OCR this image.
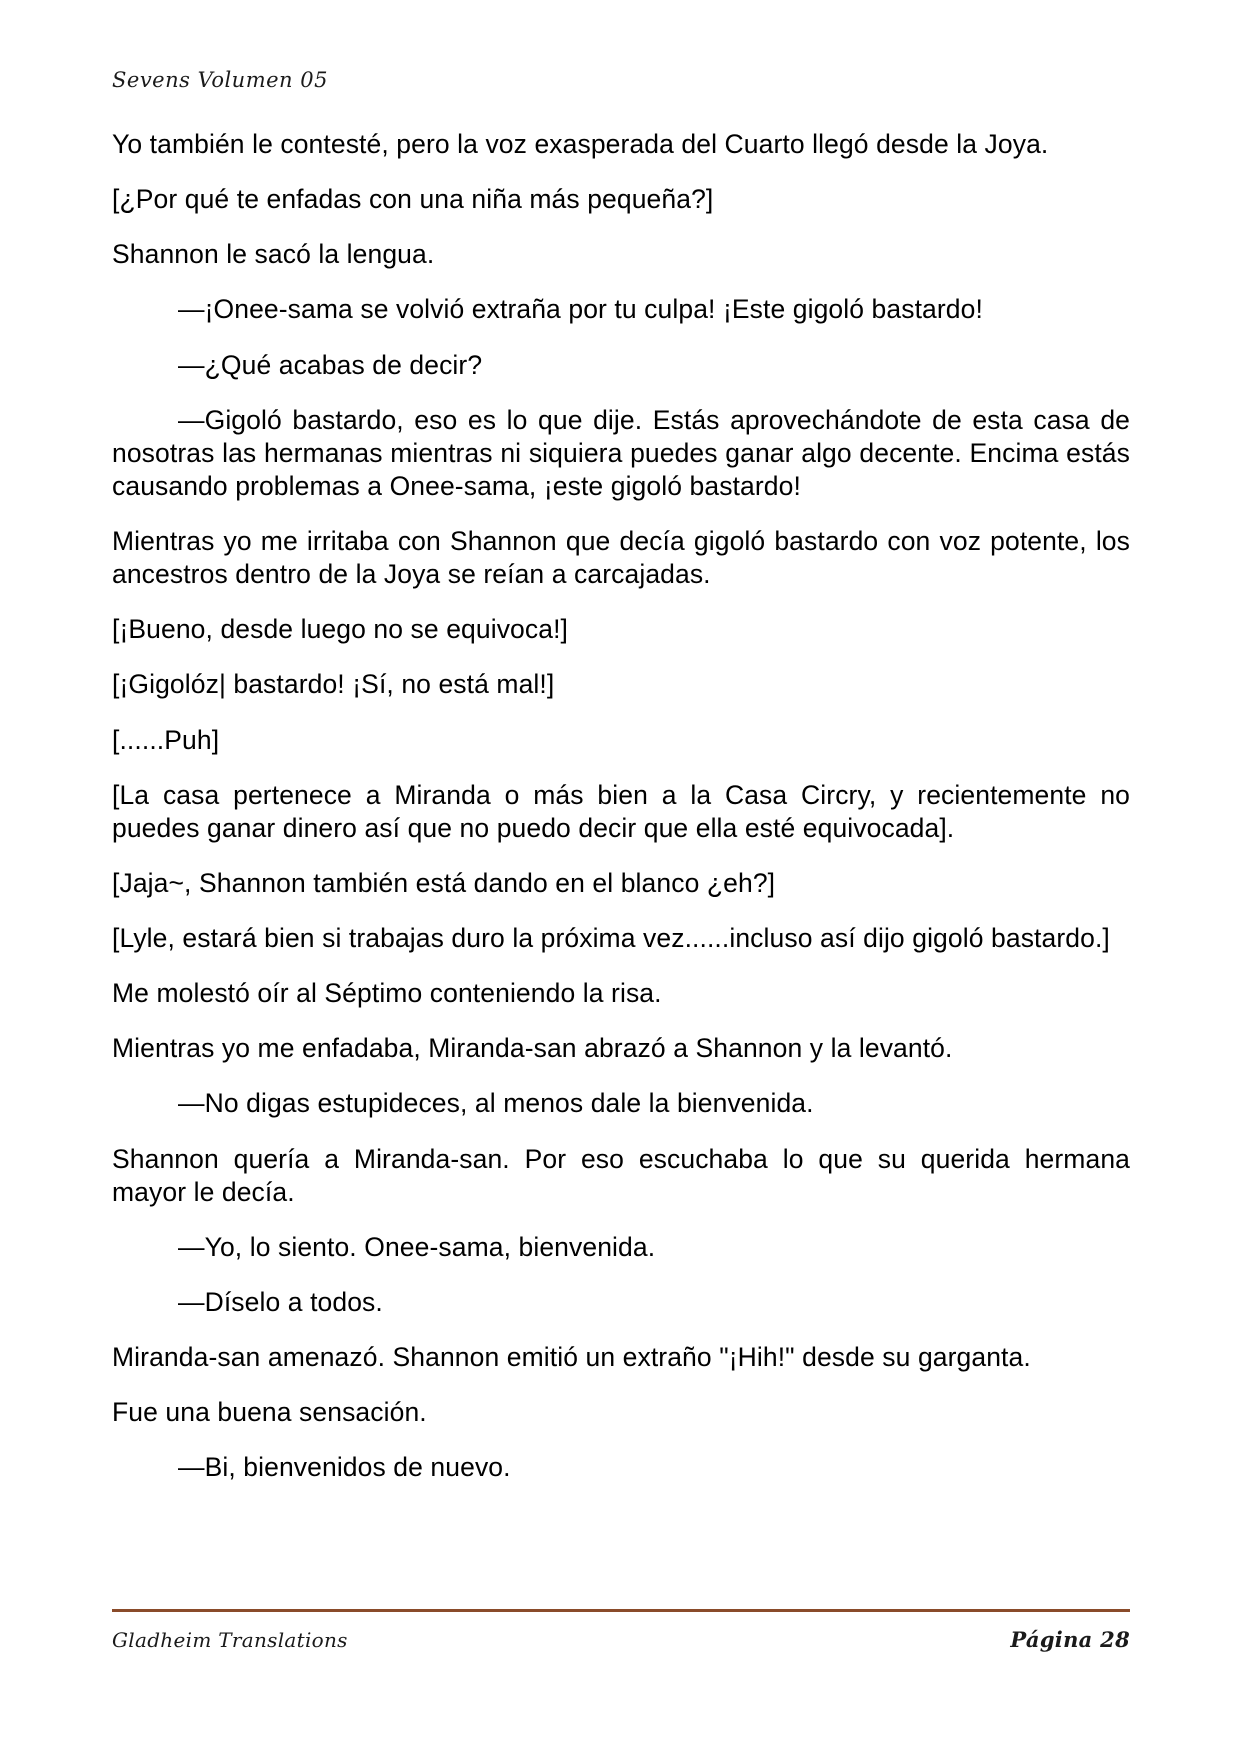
Sevens Volumen 05

Yo también le contesté, pero la voz exasperada del Cuarto llegó desde la Joya.

[¿Por qué te enfadas con una niña más pequeña?]

Shannon le sacó la lengua.

—¡Onee-sama se volvió extraña por tu culpa! ¡Este gigoló bastardo!

—¿Qué acabas de decir?

—Gigoló bastardo, eso es lo que dije. Estás aprovechándote de esta casa de nosotras las hermanas mientras ni siquiera puedes ganar algo decente. Encima estás causando problemas a Onee-sama, ¡este gigoló bastardo!

Mientras yo me irritaba con Shannon que decía gigoló bastardo con voz potente, los ancestros dentro de la Joya se reían a carcajadas.

[¡Bueno, desde luego no se equivoca!]

[¡Gigolóz| bastardo! ¡Sí, no está mal!]

[......Puh]

[La casa pertenece a Miranda o más bien a la Casa Circry, y recientemente no puedes ganar dinero así que no puedo decir que ella esté equivocada].

[Jaja~, Shannon también está dando en el blanco ¿eh?]

[Lyle, estará bien si trabajas duro la próxima vez......incluso así dijo gigoló bastardo.]

Me molestó oír al Séptimo conteniendo la risa.

Mientras yo me enfadaba, Miranda-san abrazó a Shannon y la levantó.

—No digas estupideces, al menos dale la bienvenida.

Shannon quería a Miranda-san. Por eso escuchaba lo que su querida hermana mayor le decía.

—Yo, lo siento. Onee-sama, bienvenida.

—Díselo a todos.

Miranda-san amenazó. Shannon emitió un extraño "¡Hih!" desde su garganta.

Fue una buena sensación.

—Bi, bienvenidos de nuevo.

Gladheim Translations	Página 28
